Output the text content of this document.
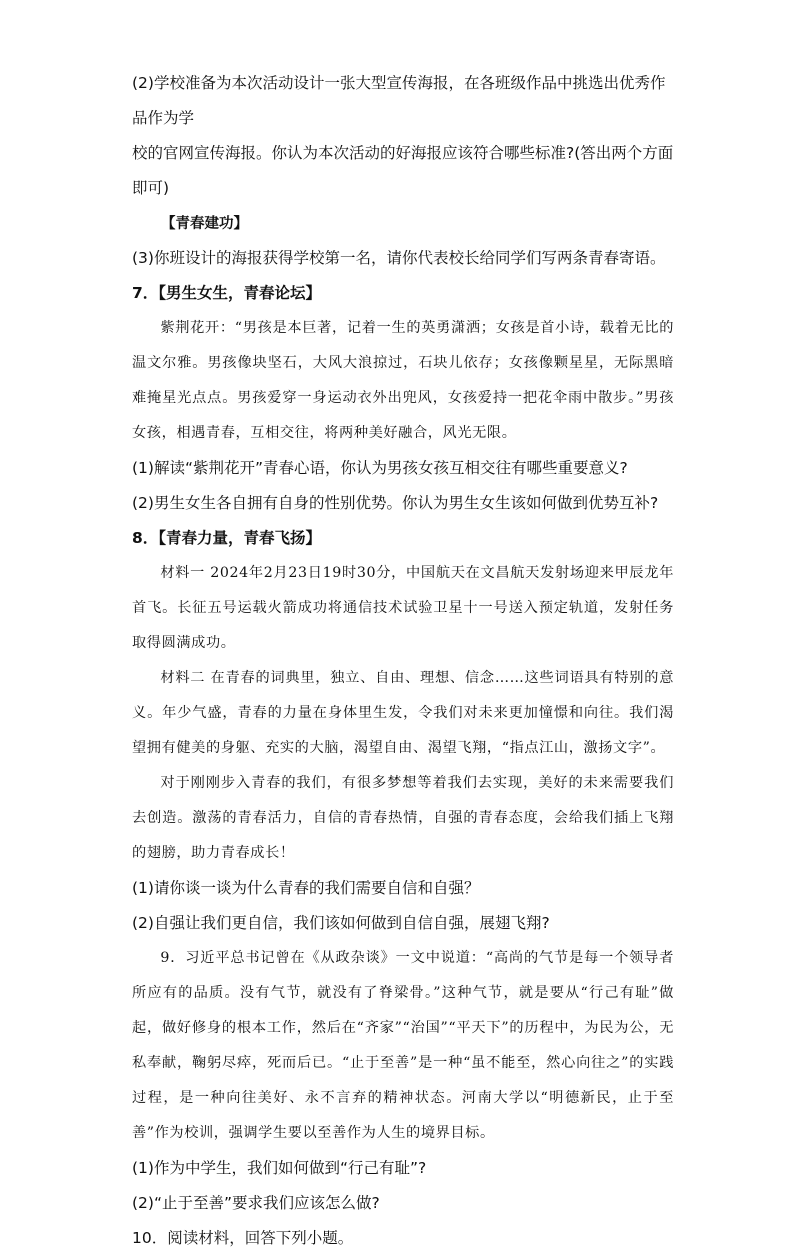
(2)学校准备为本次活动设计一张大型宣传海报，在各班级作品中挑选出优秀作品作为学

校的官网宣传海报。你认为本次活动的好海报应该符合哪些标准?(答出两个方面即可)

【青春建功】

(3)你班设计的海报获得学校第一名，请你代表校长给同学们写两条青春寄语。

7．【男生女生，青春论坛】

紫荆花开：“男孩是本巨著，记着一生的英勇潇洒；女孩是首小诗，载着无比的温文尔雅。男孩像块坚石，大风大浪掠过，石块儿依存；女孩像颗星星，无际黑暗难掩星光点点。男孩爱穿一身运动衣外出兜风，女孩爱持一把花伞雨中散步。”男孩女孩，相遇青春，互相交往，将两种美好融合，风光无限。

(1)解读“紫荆花开”青春心语，你认为男孩女孩互相交往有哪些重要意义?

(2)男生女生各自拥有自身的性别优势。你认为男生女生该如何做到优势互补?

8．【青春力量，青春飞扬】

材料一 2024年2月23日19时30分，中国航天在文昌航天发射场迎来甲辰龙年首飞。长征五号运载火箭成功将通信技术试验卫星十一号送入预定轨道，发射任务取得圆满成功。

材料二 在青春的词典里，独立、自由、理想、信念……这些词语具有特别的意义。年少气盛，青春的力量在身体里生发，令我们对未来更加憧憬和向往。我们渴望拥有健美的身躯、充实的大脑，渴望自由、渴望飞翔，“指点江山，激扬文字”。

对于刚刚步入青春的我们，有很多梦想等着我们去实现，美好的未来需要我们去创造。激荡的青春活力，自信的青春热情，自强的青春态度，会给我们插上飞翔的翅膀，助力青春成长！

(1)请你谈一谈为什么青春的我们需要自信和自强？

(2)自强让我们更自信，我们该如何做到自信自强，展翅飞翔?

9．习近平总书记曾在《从政杂谈》一文中说道：“高尚的气节是每一个领导者所应有的品质。没有气节，就没有了脊梁骨。”这种气节，就是要从“行己有耻”做起，做好修身的根本工作，然后在“齐家”“治国”“平天下”的历程中，为民为公，无私奉献，鞠躬尽瘁，死而后已。“止于至善”是一种“虽不能至，然心向往之”的实践过程，是一种向往美好、永不言弃的精神状态。河南大学以“明德新民，止于至善”作为校训，强调学生要以至善作为人生的境界目标。

(1)作为中学生，我们如何做到“行己有耻”?

(2)“止于至善”要求我们应该怎么做?

10．阅读材料，回答下列小题。
